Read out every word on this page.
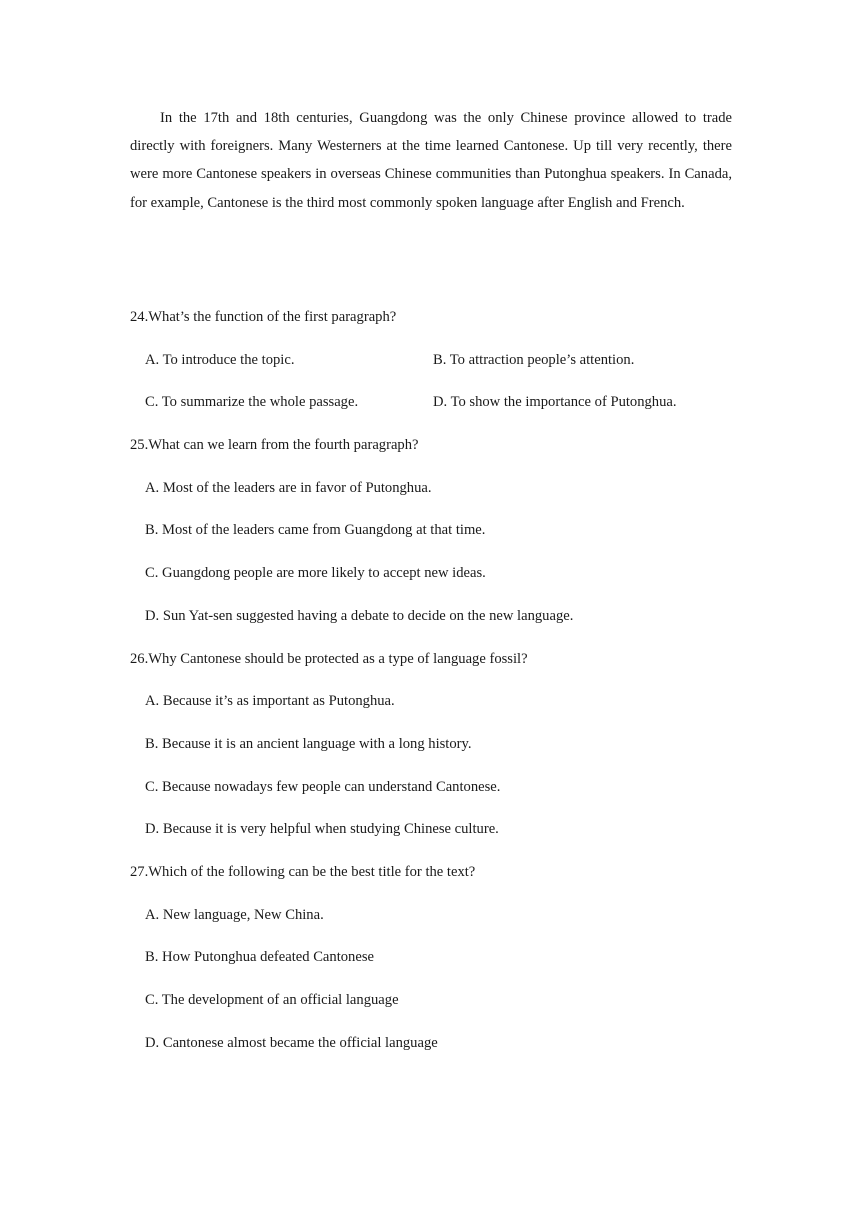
In the 17th and 18th centuries, Guangdong was the only Chinese province allowed to trade directly with foreigners. Many Westerners at the time learned Cantonese. Up till very recently, there were more Cantonese speakers in overseas Chinese communities than Putonghua speakers. In Canada, for example, Cantonese is the third most commonly spoken language after English and French.

24.What’s the function of the first paragraph?
A. To introduce the topic.	B. To attraction people’s attention.
C. To summarize the whole passage.	D. To show the importance of Putonghua.
25.What can we learn from the fourth paragraph?
A. Most of the leaders are in favor of Putonghua.
B. Most of the leaders came from Guangdong at that time.
C. Guangdong people are more likely to accept new ideas.
D. Sun Yat-sen suggested having a debate to decide on the new language.
26.Why Cantonese should be protected as a type of language fossil?
A. Because it’s as important as Putonghua.
B. Because it is an ancient language with a long history.
C. Because nowadays few people can understand Cantonese.
D. Because it is very helpful when studying Chinese culture.
27.Which of the following can be the best title for the text?
A. New language, New China.
B. How Putonghua defeated Cantonese
C. The development of an official language
D. Cantonese almost became the official language
